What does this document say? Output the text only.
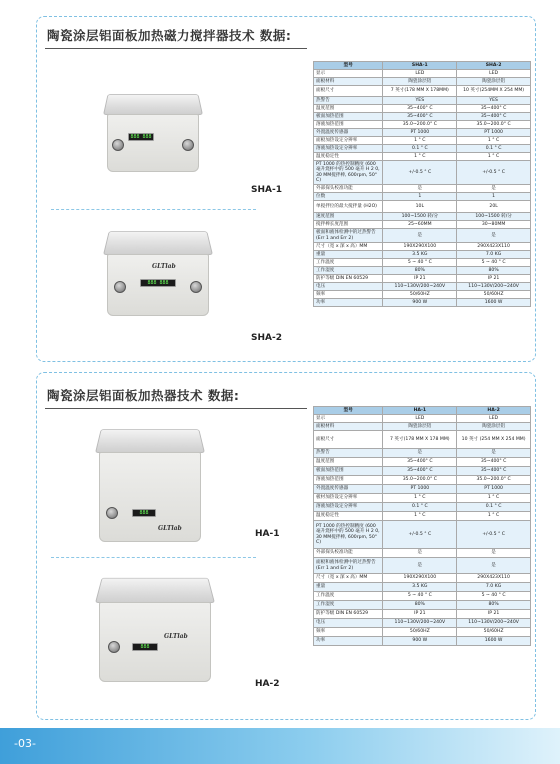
陶瓷涂层铝面板加热磁力搅拌器技术 数据:
888 888
SHA-1
GLTlab
888 888
SHA-2
型号	SHA-1	SHA-2
显示	LED	LED
面板材料	陶瓷涂层铝	陶瓷涂层铝
面板尺寸	7 英寸(178 MM X 178MM)	10 英寸(254MM X 254 MM)
热警告	YES	YES
温度范围	35~400° C	35~400° C
板面加热范围	35~400° C	35~400° C
溶液加热范围	35.0~200.0° C	35.0~200.0° C
外置温度传感器	PT 1000	PT 1000
面板加热设定分辨率	1 ° C	1 ° C
溶液加热设定分辨率	0.1 ° C	0.1 ° C
温度稳定性	1 ° C	1 ° C
PT 1000 的热控制精度 (600 毫升烧杯中的 500 毫升 H 2 0, 30 MM搅拌棒, 600rpm, 50° C)	+/-0.5 ° C	+/-0.5 ° C
外部探头校准功能	是	是
位数	1	1
单搅拌位的最大搅拌量 (H2O)	10L	20L
速度范围	100~1500 转/分	100~1500 转/分
搅拌棒长度范围	25~60MM	30~80MM
板面和液体检测中的过热警告 (Err 1 and Err 2)	是	是
尺寸（宽 x 深 x 高）MM	190X290X100	290X423X110
重量	3.5 KG	7.0 KG
工作温度	5 ~ 40 ° C	5 ~ 40 ° C
工作湿度	80%	80%
防护等级 DIN EN 60529	IP 21	IP 21
电压	110~130V/200~240V	110~130V/200~240V
频率	50/60HZ	50/60HZ
功率	900 W	1600 W
陶瓷涂层铝面板加热器技术 数据:
888
GLTlab
HA-1
888
GLTlab
HA-2
型号	HA-1	HA-2
显示	LED	LED
面板材料	陶瓷涂层铝	陶瓷涂层铝
面板尺寸	7 英寸(178 MM X 178 MM)	10 英寸 (254 MM X 254 MM)
热警告	是	是
温度范围	35~400° C	35~400° C
板面加热范围	35~400° C	35~400° C
溶液加热范围	35.0~200.0° C	35.0~200.0° C
外置温度传感器	PT 1000	PT 1000
板材加热设定分辨率	1 ° C	1 ° C
溶液加热设定分辨率	0.1 ° C	0.1 ° C
温度稳定性	1 ° C	1 ° C
PT 1000 的热控制精度 (600 毫升烧杯中的 500 毫升 H 2 0, 30 MM搅拌棒, 600rpm, 50° C)	+/-0.5 ° C	+/-0.5 ° C
外部探头校准功能	是	是
面板和液体检测中的过热警告 (Err 1 and Err 2)	是	是
尺寸（宽 x 深 x 高）MM	190X290X100	290X423X110
重量	3.5 KG	7.0 KG
工作温度	5 ~ 40 ° C	5 ~ 40 ° C
工作湿度	80%	80%
防护等级 DIN EN 60529	IP 21	IP 21
电压	110~130V/200~240V	110~130V/200~240V
频率	50/60HZ	50/60HZ
功率	900 W	1600 W
-03-
